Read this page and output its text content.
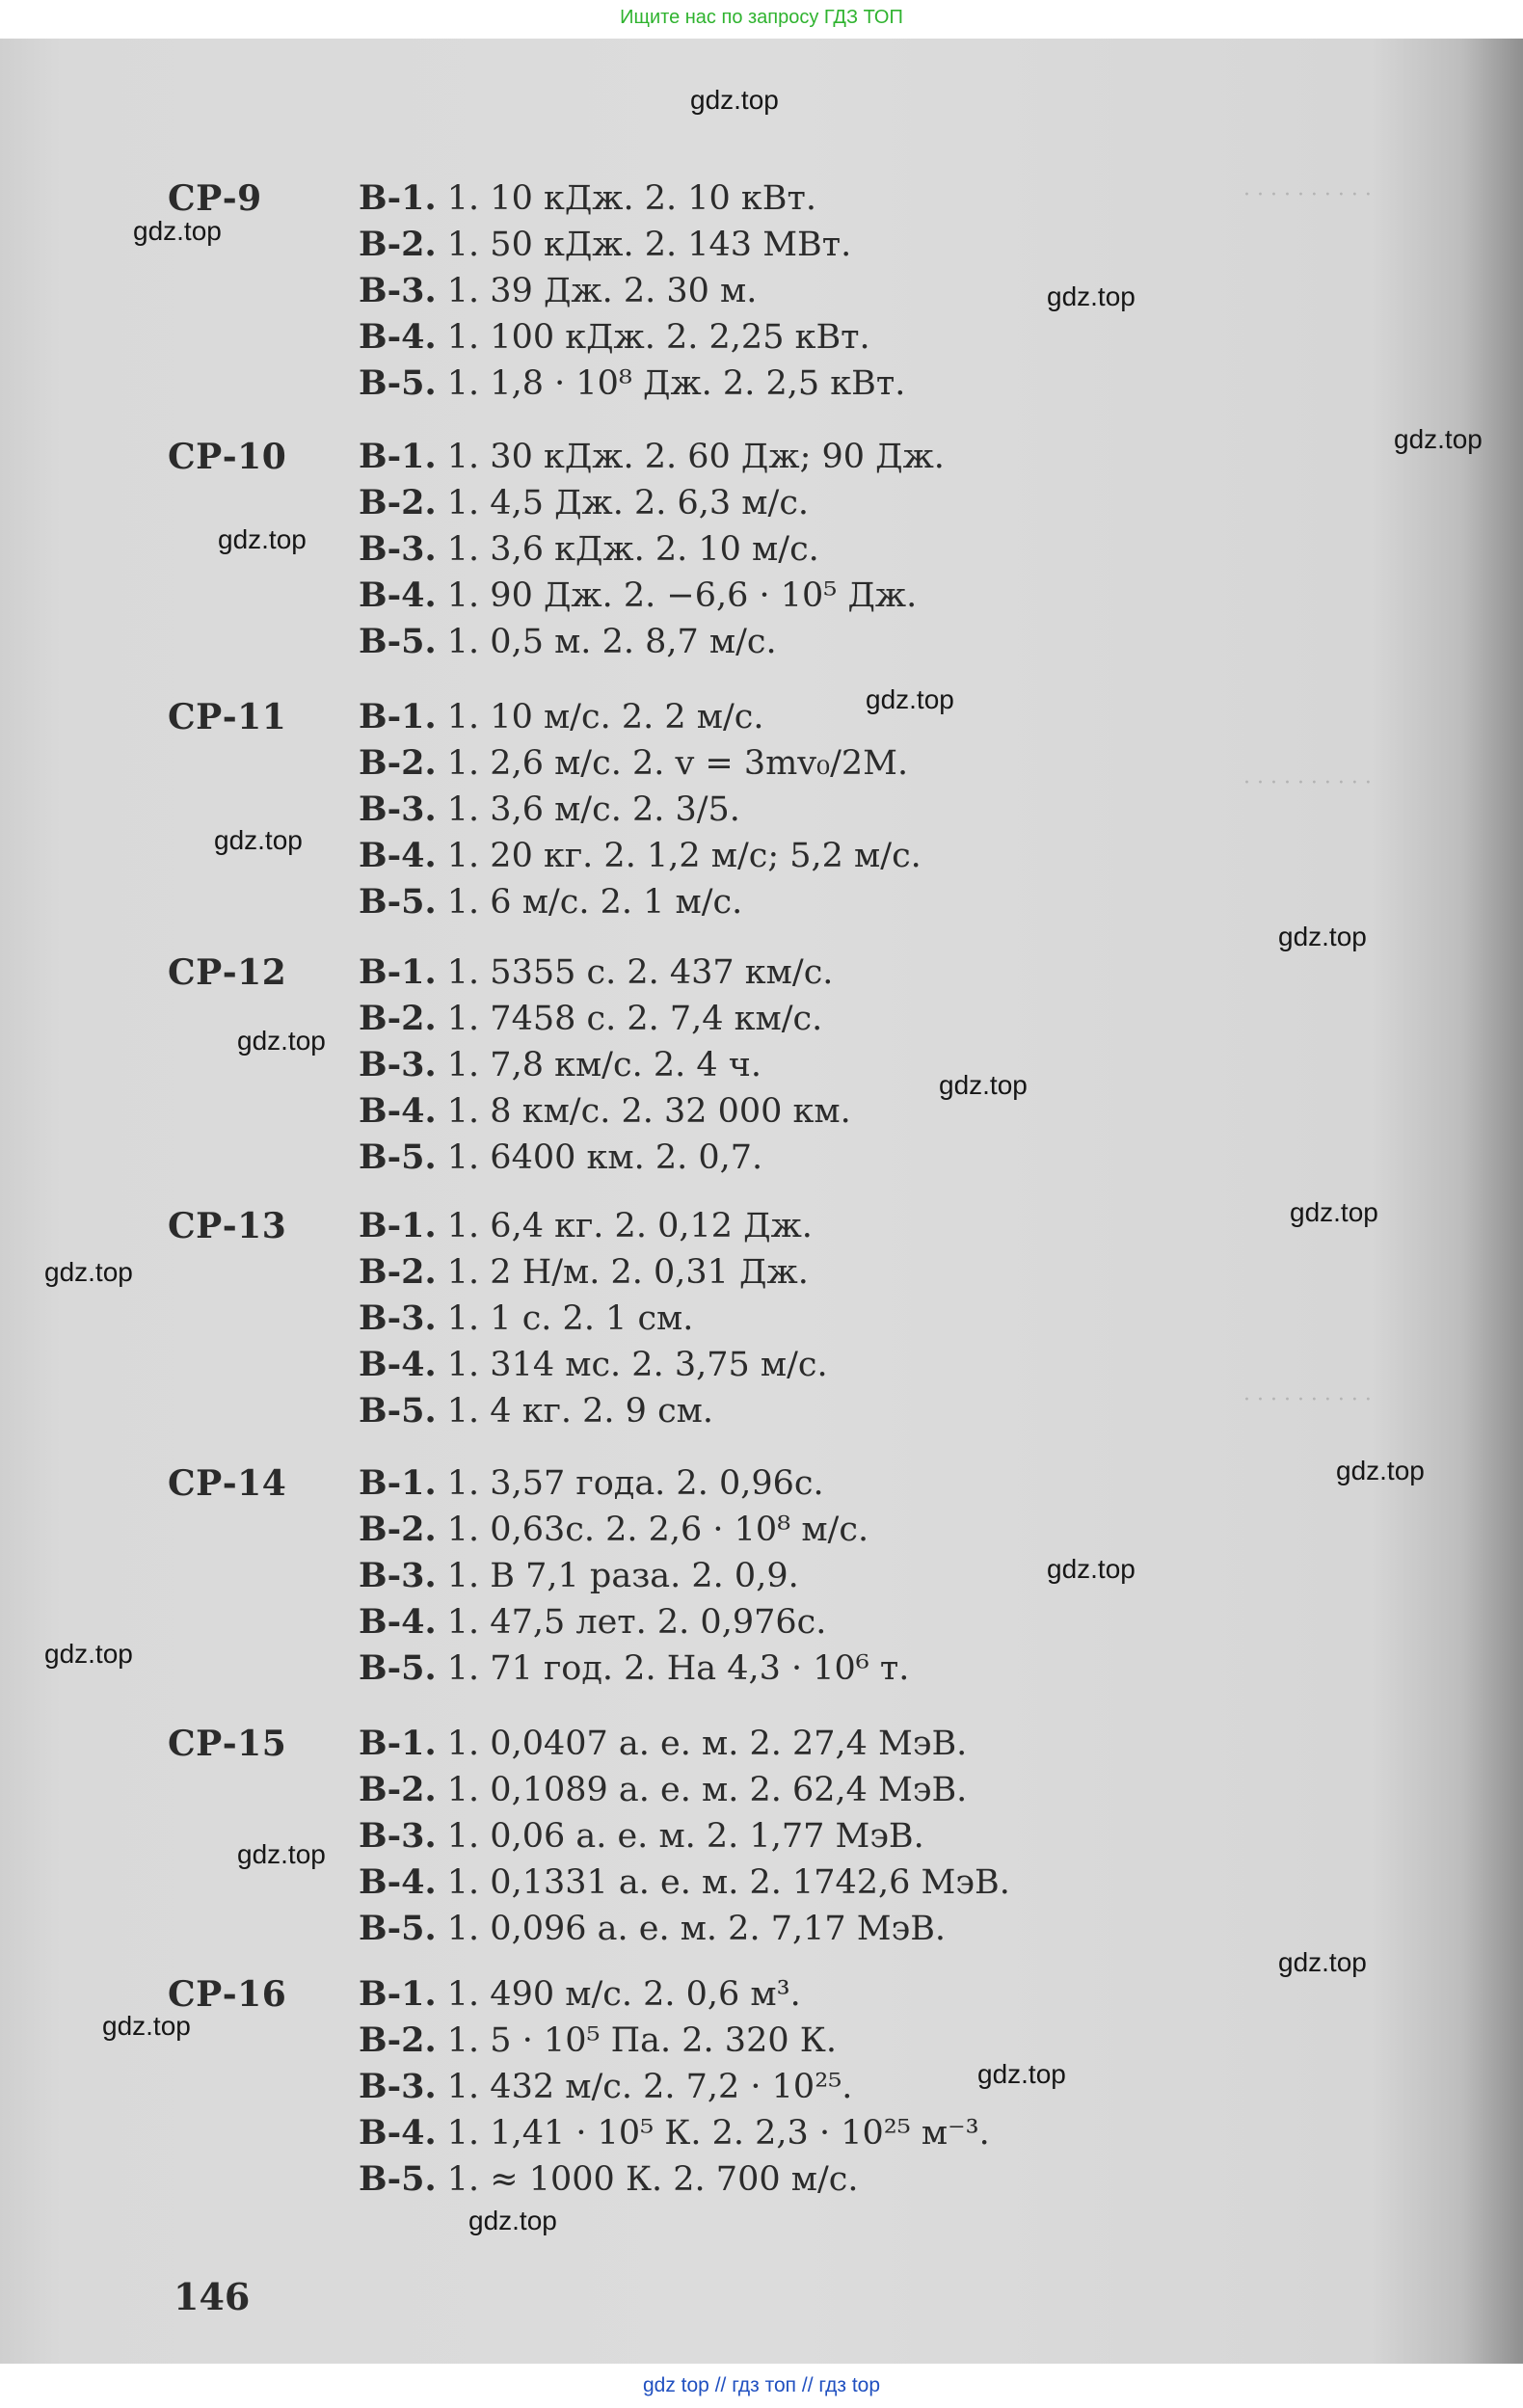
Ищите нас по запросу ГДЗ ТОП
· · · · · · · · · ·
· · · · · · · · · ·
· · · · · · · · · ·
СР-9	В-1. 1. 10 кДж. 2. 10 кВт.
В-2. 1. 50 кДж. 2. 143 МВт.
В-3. 1. 39 Дж. 2. 30 м.
В-4. 1. 100 кДж. 2. 2,25 кВт.
В-5. 1. 1,8 · 10⁸ Дж. 2. 2,5 кВт.
СР-10 В-1. 1. 30 кДж. 2. 60 Дж; 90 Дж.
В-2. 1. 4,5 Дж. 2. 6,3 м/с.
В-3. 1. 3,6 кДж. 2. 10 м/с.
В-4. 1. 90 Дж. 2. −6,6 · 10⁵ Дж.
В-5. 1. 0,5 м. 2. 8,7 м/с.
СР-11 В-1. 1. 10 м/с. 2. 2 м/с.
В-2. 1. 2,6 м/с. 2. v = 3mv₀/2M.
В-3. 1. 3,6 м/с. 2. 3/5.
В-4. 1. 20 кг. 2. 1,2 м/с; 5,2 м/с.
В-5. 1. 6 м/с. 2. 1 м/с.
СР-12 В-1. 1. 5355 с. 2. 437 км/с.
В-2. 1. 7458 с. 2. 7,4 км/с.
В-3. 1. 7,8 км/с. 2. 4 ч.
В-4. 1. 8 км/с. 2. 32 000 км.
В-5. 1. 6400 км. 2. 0,7.
СР-13 В-1. 1. 6,4 кг. 2. 0,12 Дж.
В-2. 1. 2 Н/м. 2. 0,31 Дж.
В-3. 1. 1 с. 2. 1 см.
В-4. 1. 314 мс. 2. 3,75 м/с.
В-5. 1. 4 кг. 2. 9 см.
СР-14 В-1. 1. 3,57 года. 2. 0,96c.
В-2. 1. 0,63c. 2. 2,6 · 10⁸ м/с.
В-3. 1. В 7,1 раза. 2. 0,9.
В-4. 1. 47,5 лет. 2. 0,976c.
В-5. 1. 71 год. 2. На 4,3 · 10⁶ т.
СР-15 В-1. 1. 0,0407 а. е. м. 2. 27,4 МэВ.
В-2. 1. 0,1089 а. е. м. 2. 62,4 МэВ.
В-3. 1. 0,06 а. е. м. 2. 1,77 МэВ.
В-4. 1. 0,1331 а. е. м. 2. 1742,6 МэВ.
В-5. 1. 0,096 а. е. м. 2. 7,17 МэВ.
СР-16 В-1. 1. 490 м/с. 2. 0,6 м³.
В-2. 1. 5 · 10⁵ Па. 2. 320 К.
В-3. 1. 432 м/с. 2. 7,2 · 10²⁵.
В-4. 1. 1,41 · 10⁵ К. 2. 2,3 · 10²⁵ м⁻³.
В-5. 1. ≈ 1000 К. 2. 700 м/с.
146
gdz.top
gdz.top
gdz.top
gdz.top
gdz.top
gdz.top
gdz.top
gdz.top
gdz.top
gdz.top
gdz.top
gdz.top
gdz.top
gdz.top
gdz.top
gdz.top
gdz.top
gdz.top
gdz.top
gdz.top
gdz top // гдз топ // гдз top
